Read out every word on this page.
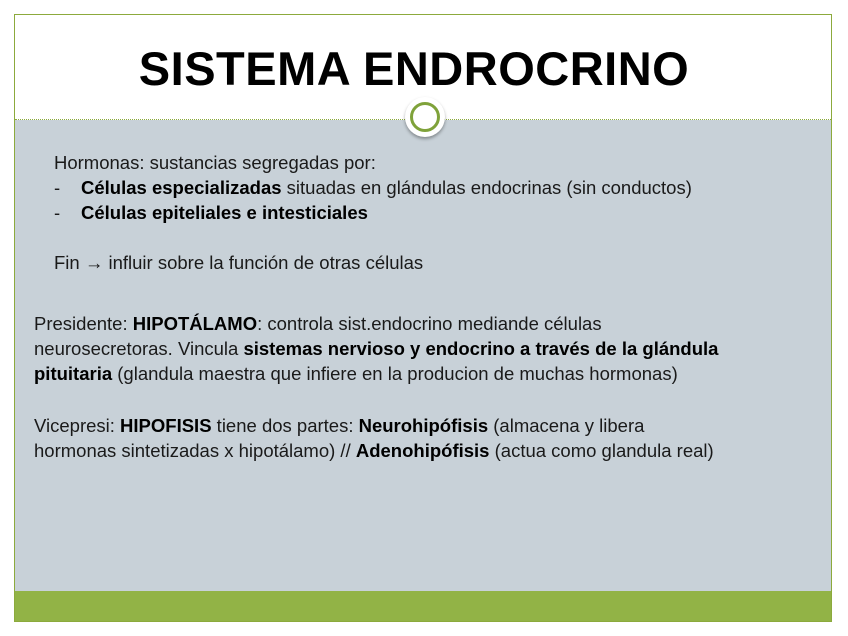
SISTEMA ENDROCRINO
Hormonas: sustancias segregadas por:
- Células especializadas situadas en glándulas endocrinas (sin conductos)
- Células epiteliales e intesticiales
Fin → influir sobre la función de otras células
Presidente: HIPOTÁLAMO: controla sist.endocrino mediande células
neurosecretoras. Vincula sistemas nervioso y endocrino a través de la glándula
pituitaria (glandula maestra que infiere en la producion de muchas hormonas)
Vicepresi: HIPOFISIS tiene dos partes: Neurohipófisis (almacena y libera
hormonas sintetizadas x hipotálamo) // Adenohipófisis (actua como glandula real)
